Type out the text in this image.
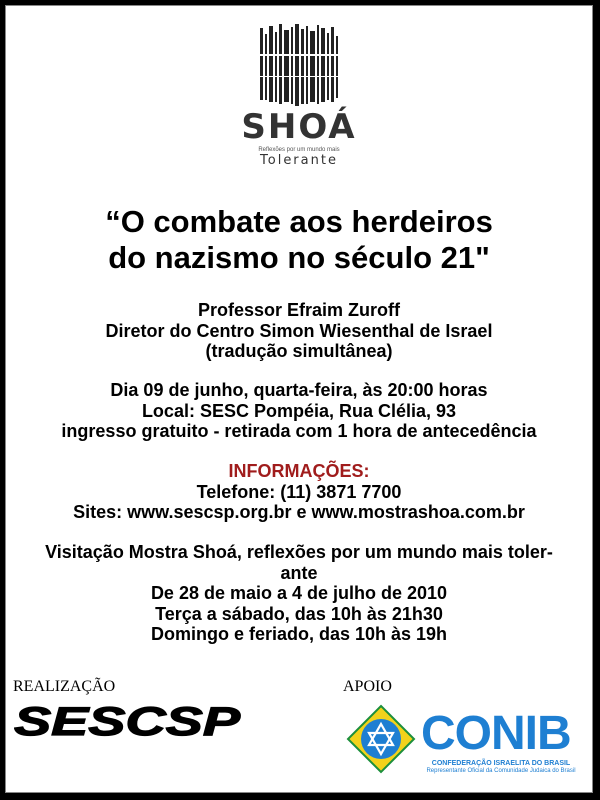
SHOÁ
Reflexões por um mundo mais
Tolerante
“O combate aos herdeiros
do nazismo no século 21"
Professor Efraim Zuroff
Diretor do Centro Simon Wiesenthal de Israel
(tradução simultânea)
Dia 09 de junho, quarta-feira, às 20:00 horas
Local: SESC Pompéia, Rua Clélia, 93
ingresso gratuito - retirada com 1 hora de antecedência
INFORMAÇÕES:
Telefone: (11) 3871 7700
Sites: www.sescsp.org.br e www.mostrashoa.com.br
Visitação Mostra Shoá, reflexões por um mundo mais toler-
ante
De 28 de maio a 4 de julho de 2010
Terça a sábado, das 10h às 21h30
Domingo e feriado, das 10h às 19h
REALIZAÇÃO	APOIO
SESCSP	CONIB
CONFEDERAÇÃO ISRAELITA DO BRASIL
Representante Oficial da Comunidade Judaica do Brasil
